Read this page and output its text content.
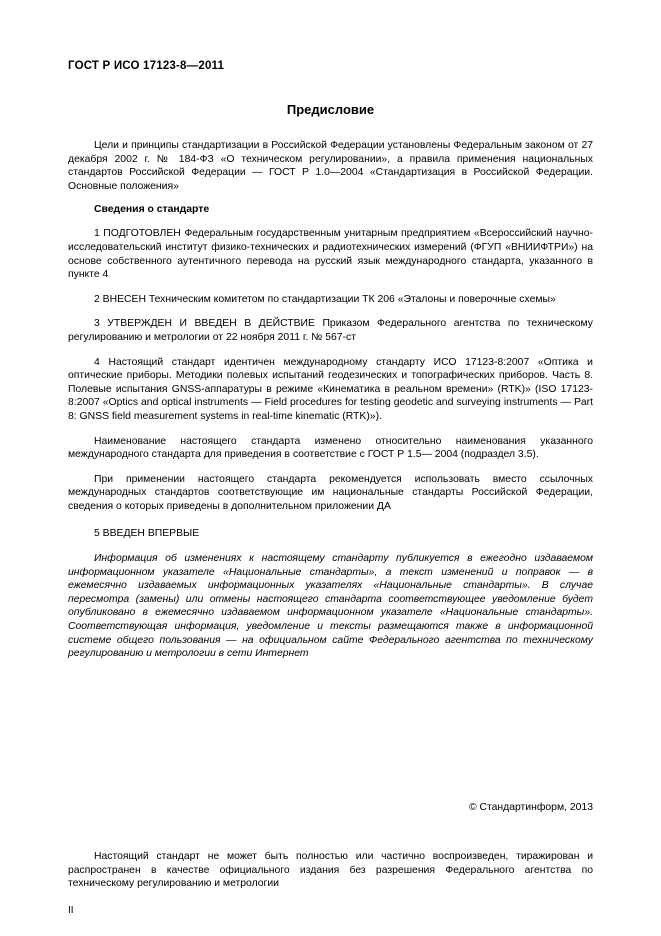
ГОСТ Р ИСО 17123-8—2011
Предисловие

Цели и принципы стандартизации в Российской Федерации установлены Федеральным законом от 27 декабря 2002 г. № 184-ФЗ «О техническом регулировании», а правила применения национальных стандартов Российской Федерации — ГОСТ Р 1.0—2004 «Стандартизация в Российской Федерации. Основные положения»

Сведения о стандарте

1 ПОДГОТОВЛЕН Федеральным государственным унитарным предприятием «Всероссийский научно-исследовательский институт физико-технических и радиотехнических измерений (ФГУП «ВНИИФТРИ») на основе собственного аутентичного перевода на русский язык международного стандарта, указанного в пункте 4

2 ВНЕСЕН Техническим комитетом по стандартизации ТК 206 «Эталоны и поверочные схемы»

3 УТВЕРЖДЕН И ВВЕДЕН В ДЕЙСТВИЕ Приказом Федерального агентства по техническому регулированию и метрологии от 22 ноября 2011 г. № 567-ст

4 Настоящий стандарт идентичен международному стандарту ИСО 17123-8:2007 «Оптика и оптические приборы. Методики полевых испытаний геодезических и топографических приборов. Часть 8. Полевые испытания GNSS-аппаратуры в режиме «Кинематика в реальном времени» (RTK)» (ISO 17123-8:2007 «Optics and optical instruments — Field procedures for testing geodetic and surveying instruments — Part 8: GNSS field measurement systems in real-time kinematic (RTK)»).

Наименование настоящего стандарта изменено относительно наименования указанного международного стандарта для приведения в соответствие с ГОСТ Р 1.5— 2004 (подраздел 3.5).

При применении настоящего стандарта рекомендуется использовать вместо ссылочных международных стандартов соответствующие им национальные стандарты Российской Федерации, сведения о которых приведены в дополнительном приложении ДА

5 ВВЕДЕН ВПЕРВЫЕ

Информация об изменениях к настоящему стандарту публикуется в ежегодно издаваемом информационном указателе «Национальные стандарты», а текст изменений и поправок — в ежемесячно издаваемых информационных указателях «Национальные стандарты». В случае пересмотра (замены) или отмены настоящего стандарта соответствующее уведомление будет опубликовано в ежемесячно издаваемом информационном указателе «Национальные стандарты». Соответствующая информация, уведомление и тексты размещаются также в информационной системе общего пользования — на официальном сайте Федерального агентства по техническому регулированию и метрологии в сети Интернет

© Стандартинформ, 2013
Настоящий стандарт не может быть полностью или частично воспроизведен, тиражирован и распространен в качестве официального издания без разрешения Федерального агентства по техническому регулированию и метрологии
II
